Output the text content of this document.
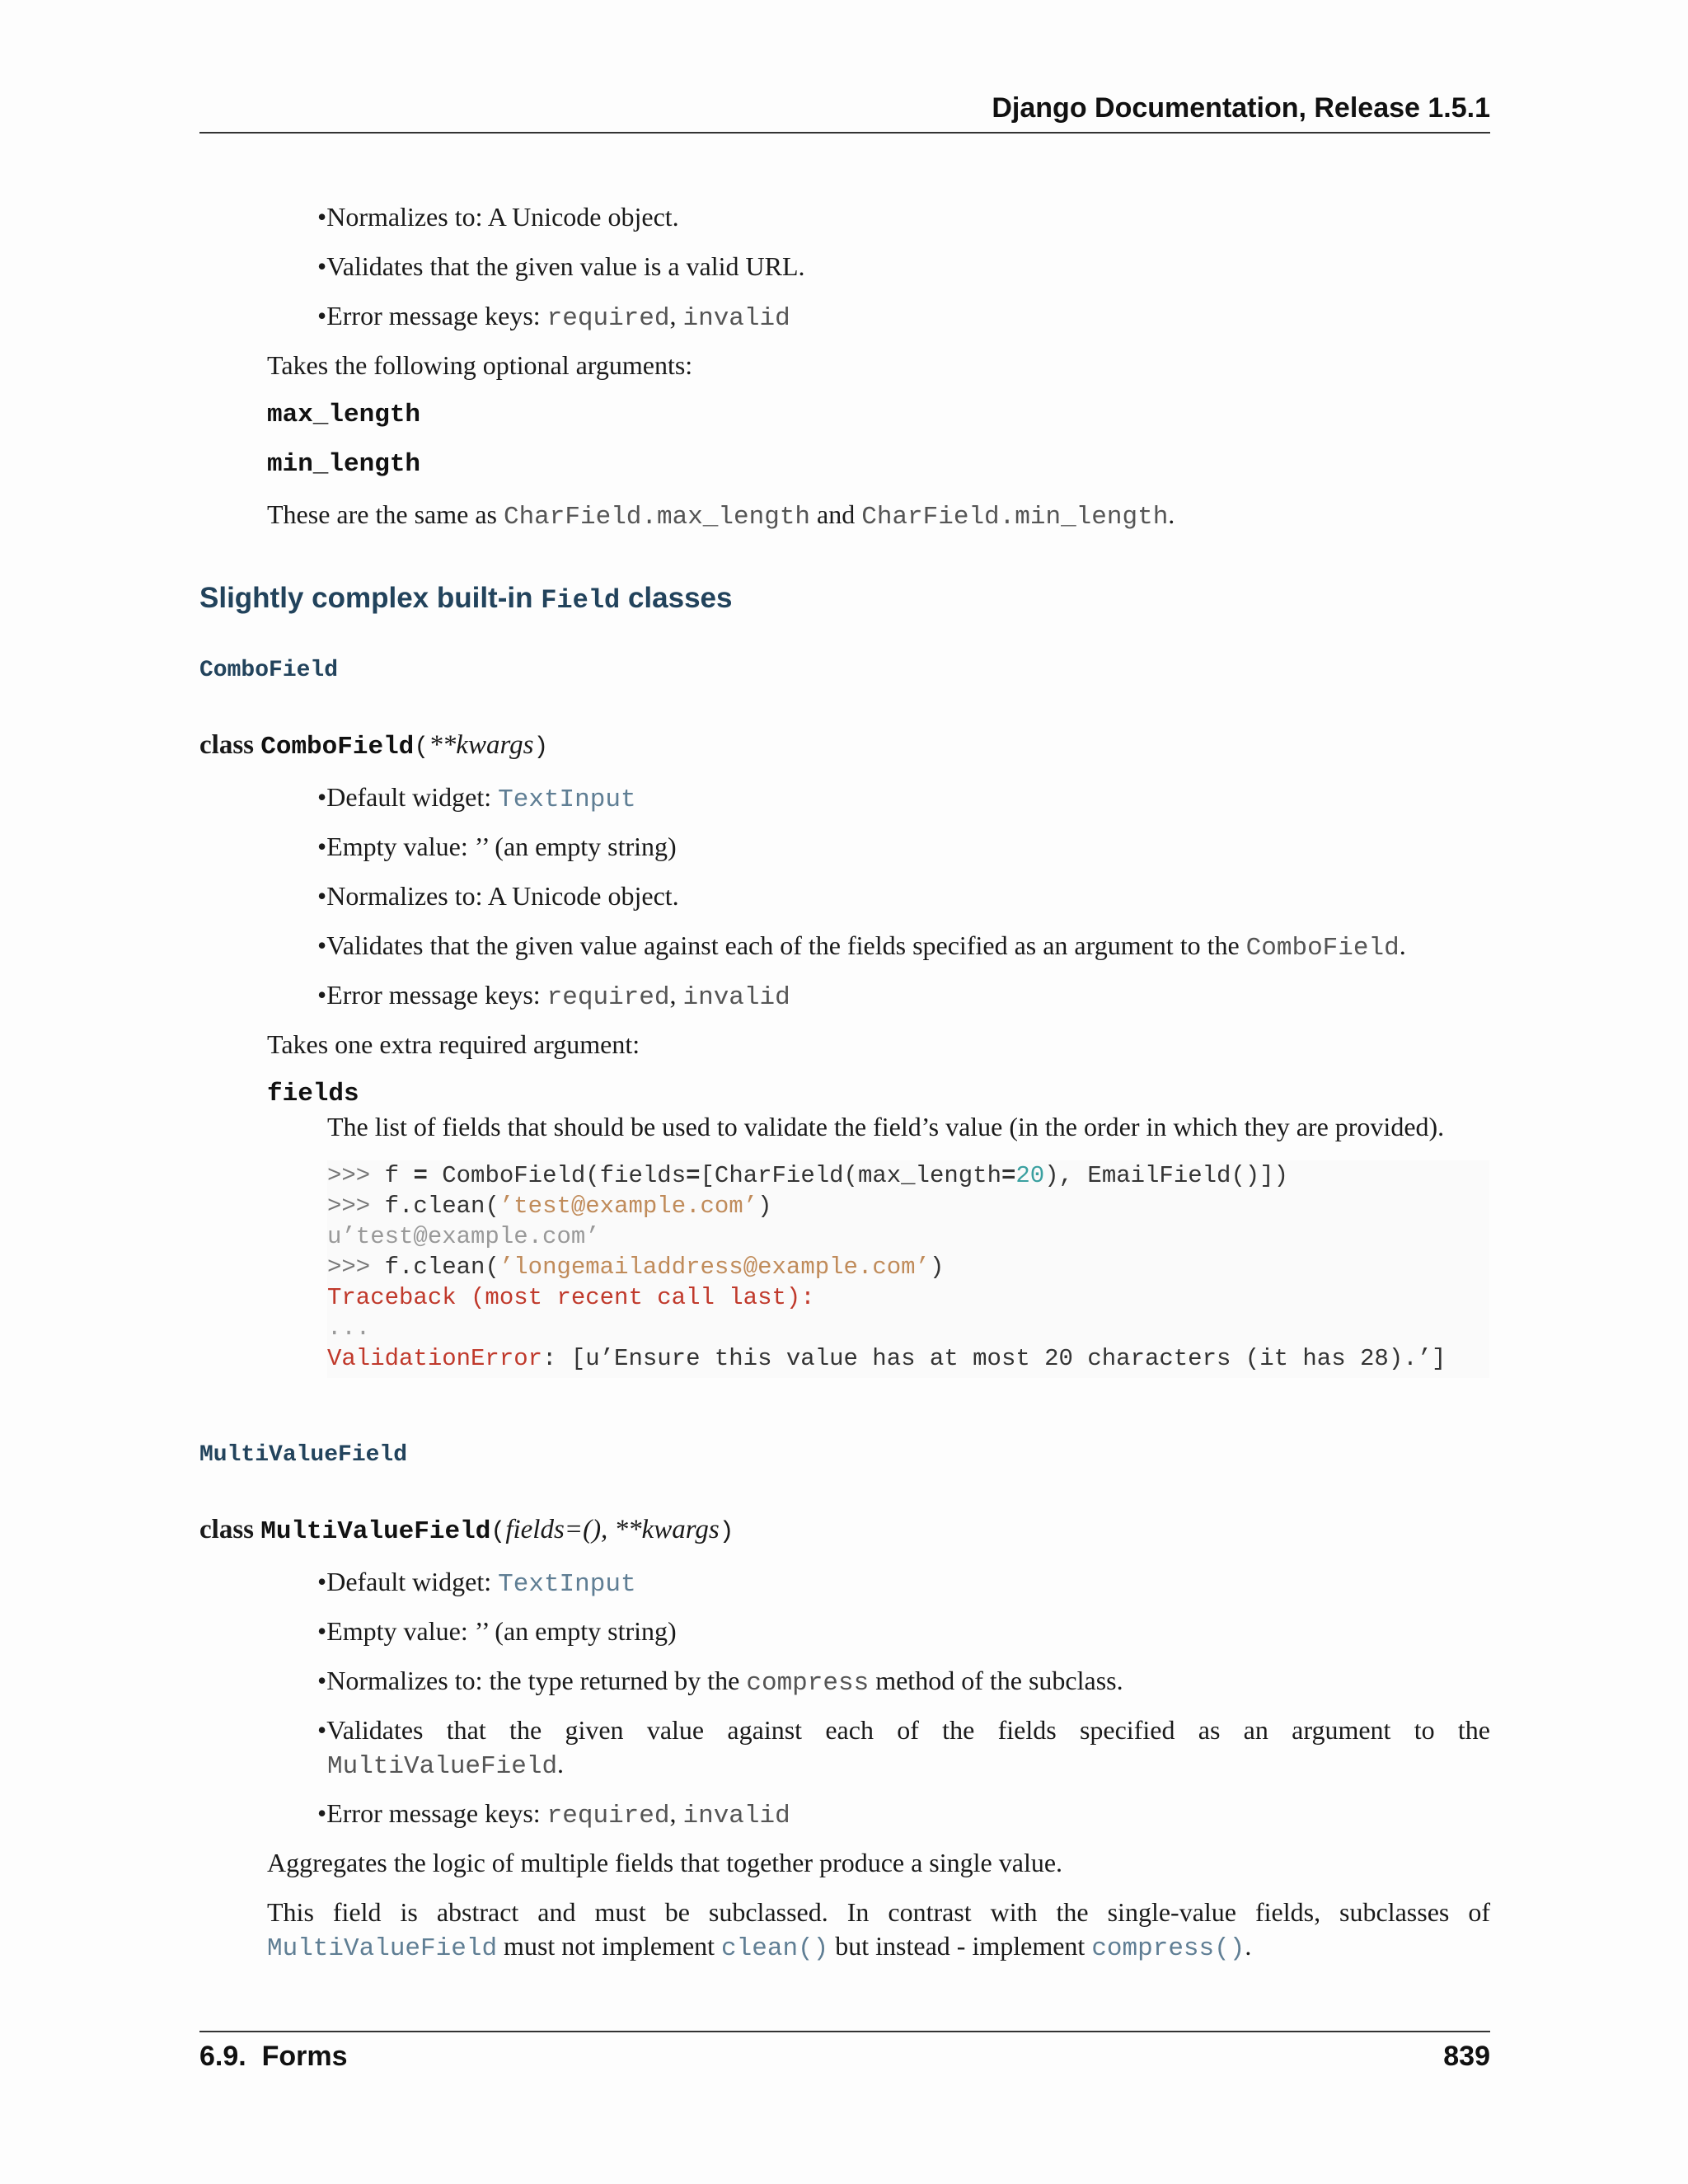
Django Documentation, Release 1.5.1
•Normalizes to: A Unicode object.
•Validates that the given value is a valid URL.
•Error message keys: required, invalid
Takes the following optional arguments:
max_length
min_length
These are the same as CharField.max_length and CharField.min_length.
Slightly complex built-in Field classes
ComboField
class ComboField(**kwargs)
•Default widget: TextInput
•Empty value: ’’ (an empty string)
•Normalizes to: A Unicode object.
•Validates that the given value against each of the fields specified as an argument to the ComboField.
•Error message keys: required, invalid
Takes one extra required argument:
fields
The list of fields that should be used to validate the field’s value (in the order in which they are provided).
>>> f = ComboField(fields=[CharField(max_length=20), EmailField()])
>>> f.clean(’test@example.com’)
u’test@example.com’
>>> f.clean(’longemailaddress@example.com’)
Traceback (most recent call last):
...
ValidationError: [u’Ensure this value has at most 20 characters (it has 28).’]
MultiValueField
class MultiValueField(fields=(), **kwargs)
•Default widget: TextInput
•Empty value: ’’ (an empty string)
•Normalizes to: the type returned by the compress method of the subclass.
•Validates that the given value against each of the fields specified as an argument to the
MultiValueField.
•Error message keys: required, invalid
Aggregates the logic of multiple fields that together produce a single value.
This field is abstract and must be subclassed. In contrast with the single-value fields, subclasses of
MultiValueField must not implement clean() but instead - implement compress().
6.9.  Forms	839
